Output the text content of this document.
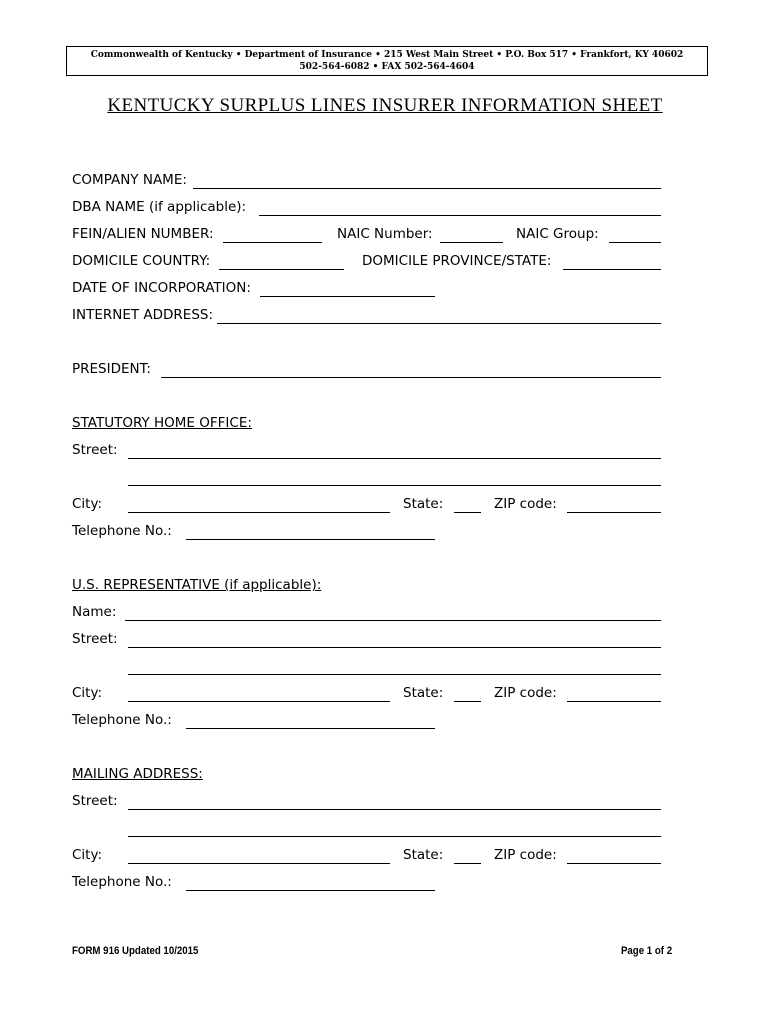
Commonwealth of Kentucky • Department of Insurance • 215 West Main Street • P.O. Box 517 • Frankfort, KY 40602
502-564-6082 • FAX 502-564-4604
KENTUCKY SURPLUS LINES INSURER INFORMATION SHEET
COMPANY NAME:
DBA NAME (if applicable):
FEIN/ALIEN NUMBER:	NAIC Number:	NAIC Group:
DOMICILE COUNTRY:	DOMICILE PROVINCE/STATE:
DATE OF INCORPORATION:
INTERNET ADDRESS:
PRESIDENT:
STATUTORY HOME OFFICE:
Street:
City:	State:	ZIP code:
Telephone No.:
U.S. REPRESENTATIVE (if applicable):
Name:
Street:
City:	State:	ZIP code:
Telephone No.:
MAILING ADDRESS:
Street:
City:	State:	ZIP code:
Telephone No.:
FORM 916 Updated 10/2015	Page 1 of 2
